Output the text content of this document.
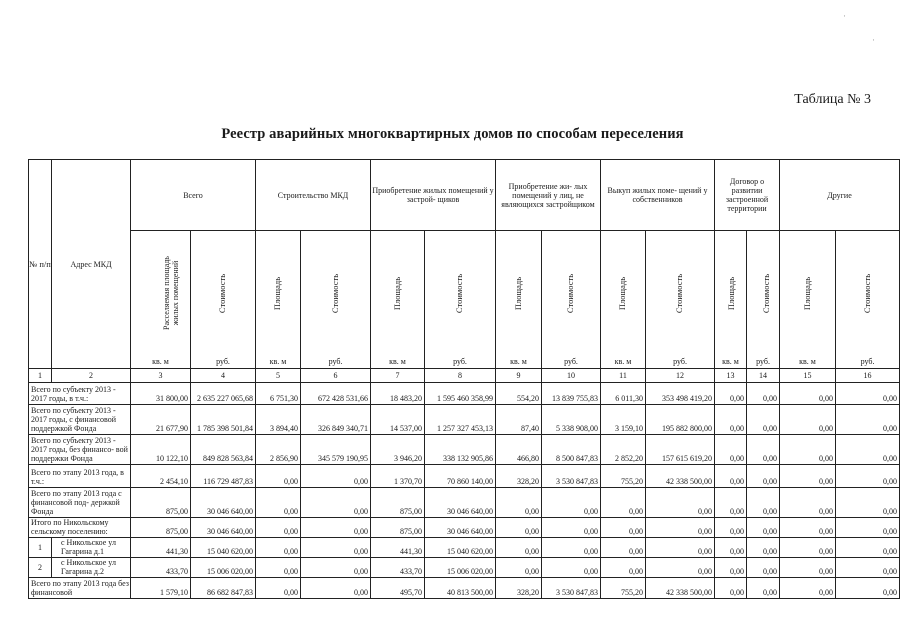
·
·
Таблица № 3
Реестр аварийных многоквартирных домов по способам переселения
№ п/п	Адрес МКД	Всего		Строительство МКД		Приобретение жилых помещений у застрой- щиков		Приобретение жи- лых помещений у лиц, не являющихся застройщиком		Выкуп жилых поме- щений у собственников		Договор о развитии застроенной территории		Другие	
		Расселяемая площадь жилых помещений	Стоимость	Площадь	Стоимость	Площадь	Стоимость	Площадь	Стоимость	Площадь	Стоимость	Площадь	Стоимость	Площадь	Стоимость
		кв. м	руб.	кв. м	руб.	кв. м	руб.	кв. м	руб.	кв. м	руб.	кв. м	руб.	кв. м	руб.
1	2	3	4	5	6	7	8	9	10	11	12	13	14	15	16
Всего по субъекту 2013 - 2017 годы, в т.ч.:		31 800,00	2 635 227 065,68	6 751,30	672 428 531,66	18 483,20	1 595 460 358,99	554,20	13 839 755,83	6 011,30	353 498 419,20	0,00	0,00	0,00	0,00
Всего по субъекту 2013 - 2017 годы, с финансовой поддержкой Фонда		21 677,90	1 785 398 501,84	3 894,40	326 849 340,71	14 537,00	1 257 327 453,13	87,40	5 338 908,00	3 159,10	195 882 800,00	0,00	0,00	0,00	0,00
Всего по субъекту 2013 - 2017 годы, без финансо- вой поддержки Фонда		10 122,10	849 828 563,84	2 856,90	345 579 190,95	3 946,20	338 132 905,86	466,80	8 500 847,83	2 852,20	157 615 619,20	0,00	0,00	0,00	0,00
Всего по этапу 2013 года, в т.ч.:		2 454,10	116 729 487,83	0,00	0,00	1 370,70	70 860 140,00	328,20	3 530 847,83	755,20	42 338 500,00	0,00	0,00	0,00	0,00
Всего по этапу 2013 года с финансовой под- держкой Фонда		875,00	30 046 640,00	0,00	0,00	875,00	30 046 640,00	0,00	0,00	0,00	0,00	0,00	0,00	0,00	0,00
Итого по Никольскому сельскому поселению:		875,00	30 046 640,00	0,00	0,00	875,00	30 046 640,00	0,00	0,00	0,00	0,00	0,00	0,00	0,00	0,00
1	с Никольское ул Гагарина д.1	441,30	15 040 620,00	0,00	0,00	441,30	15 040 620,00	0,00	0,00	0,00	0,00	0,00	0,00	0,00	0,00
2	с Никольское ул Гагарина д.2	433,70	15 006 020,00	0,00	0,00	433,70	15 006 020,00	0,00	0,00	0,00	0,00	0,00	0,00	0,00	0,00
Всего по этапу 2013 года без финансовой		1 579,10	86 682 847,83	0,00	0,00	495,70	40 813 500,00	328,20	3 530 847,83	755,20	42 338 500,00	0,00	0,00	0,00	0,00
